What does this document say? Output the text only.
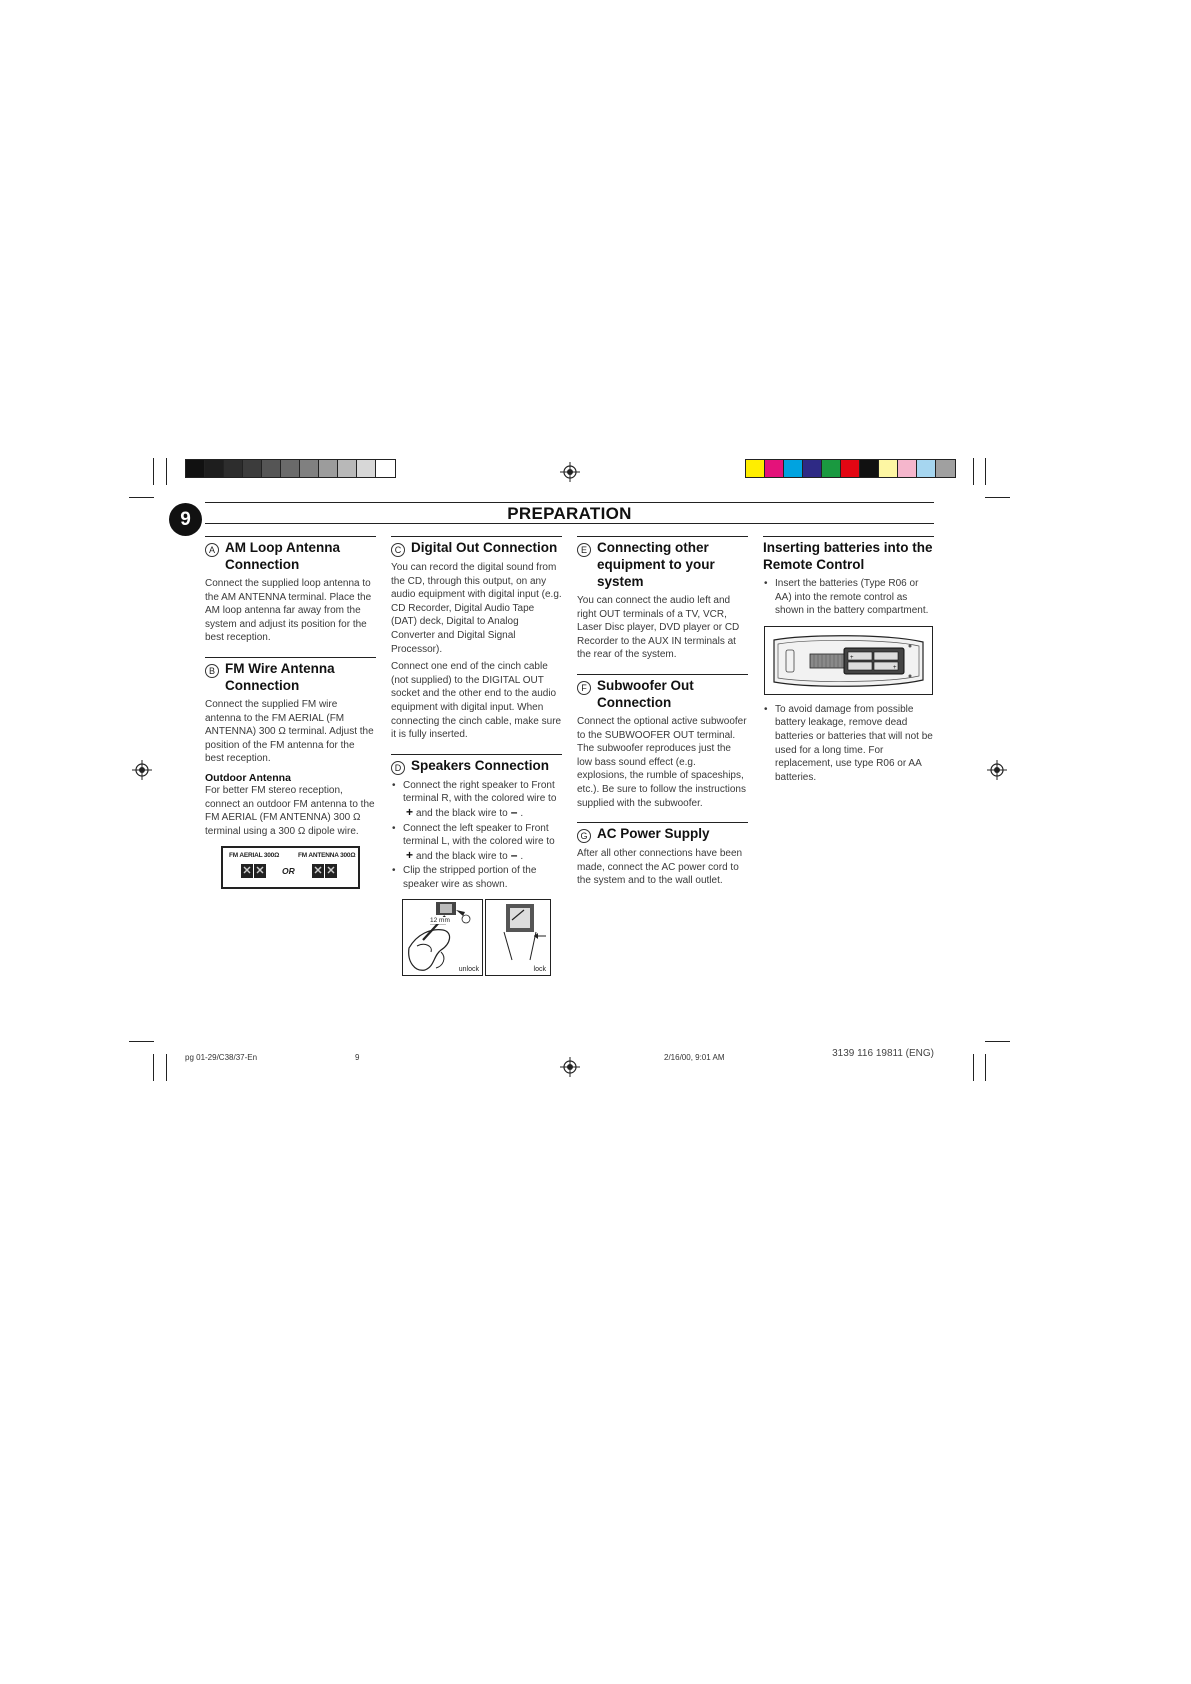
9	PREPARATION
A AM Loop Antenna Connection

Connect the supplied loop antenna to the AM ANTENNA terminal. Place the AM loop antenna far away from the system and adjust its position for the best reception.

B FM Wire Antenna Connection

Connect the supplied FM wire antenna to the FM AERIAL (FM ANTENNA) 300 Ω terminal. Adjust the position of the FM antenna for the best reception.

Outdoor Antenna

For better FM stereo reception, connect an outdoor FM antenna to the FM AERIAL (FM ANTENNA) 300 Ω terminal using a 300 Ω dipole wire.

FM AERIAL 300Ω	FM ANTENNA 300Ω
OR
C Digital Out Connection

You can record the digital sound from the CD, through this output, on any audio equipment with digital input (e.g. CD Recorder, Digital Audio Tape (DAT) deck, Digital to Analog Converter and Digital Signal Processor).

Connect one end of the cinch cable (not supplied) to the DIGITAL OUT socket and the other end to the audio equipment with digital input. When connecting the cinch cable, make sure it is fully inserted.

D Speakers Connection
• Connect the right speaker to Front terminal R, with the colored wire to + and the black wire to – .
• Connect the left speaker to Front terminal L, with the colored wire to + and the black wire to – .
• Clip the stripped portion of the speaker wire as shown.
12 mm
unlock	lock
E Connecting other equipment to your system

You can connect the audio left and right OUT terminals of a TV, VCR, Laser Disc player, DVD player or CD Recorder to the AUX IN terminals at the rear of the system.

F Subwoofer Out Connection

Connect the optional active subwoofer to the SUBWOOFER OUT terminal. The subwoofer reproduces just the low bass sound effect (e.g. explosions, the rumble of spaceships, etc.). Be sure to follow the instructions supplied with the subwoofer.

G AC Power Supply

After all other connections have been made, connect the AC power cord to the system and to the wall outlet.

Inserting batteries into the Remote Control
• Insert the batteries (Type R06 or AA) into the remote control as shown in the battery compartment.
+
+
• To avoid damage from possible battery leakage, remove dead batteries or batteries that will not be used for a long time. For replacement, use type R06 or AA batteries.
pg 01-29/C38/37-En	9	2/16/00, 9:01 AM	3139 116 19811 (ENG)
